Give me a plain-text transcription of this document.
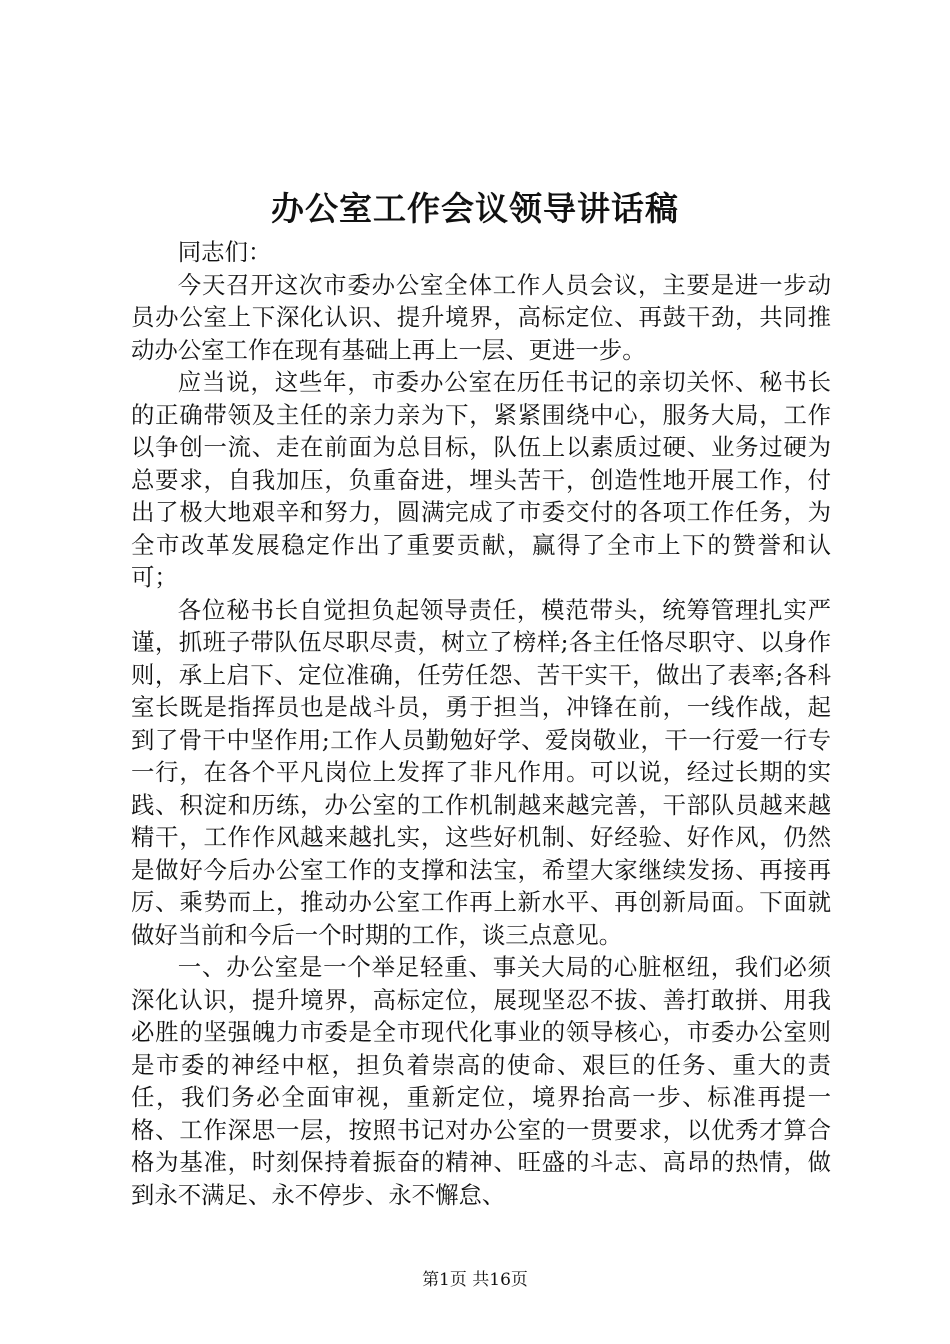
办公室工作会议领导讲话稿

同志们：

今天召开这次市委办公室全体工作人员会议，主要是进一步动员办公室上下深化认识、提升境界，高标定位、再鼓干劲，共同推动办公室工作在现有基础上再上一层、更进一步。

应当说，这些年，市委办公室在历任书记的亲切关怀、秘书长的正确带领及主任的亲力亲为下，紧紧围绕中心，服务大局，工作以争创一流、走在前面为总目标，队伍上以素质过硬、业务过硬为总要求，自我加压，负重奋进，埋头苦干，创造性地开展工作，付出了极大地艰辛和努力，圆满完成了市委交付的各项工作任务，为全市改革发展稳定作出了重要贡献，赢得了全市上下的赞誉和认可；

各位秘书长自觉担负起领导责任，模范带头，统筹管理扎实严谨，抓班子带队伍尽职尽责，树立了榜样;各主任恪尽职守、以身作则，承上启下、定位准确，任劳任怨、苦干实干，做出了表率;各科室长既是指挥员也是战斗员，勇于担当，冲锋在前，一线作战，起到了骨干中坚作用;工作人员勤勉好学、爱岗敬业，干一行爱一行专一行，在各个平凡岗位上发挥了非凡作用。可以说，经过长期的实践、积淀和历练，办公室的工作机制越来越完善，干部队员越来越精干，工作作风越来越扎实，这些好机制、好经验、好作风，仍然是做好今后办公室工作的支撑和法宝，希望大家继续发扬、再接再厉、乘势而上，推动办公室工作再上新水平、再创新局面。下面就做好当前和今后一个时期的工作，谈三点意见。

一、办公室是一个举足轻重、事关大局的心脏枢纽，我们必须深化认识，提升境界，高标定位，展现坚忍不拔、善打敢拼、用我必胜的坚强魄力市委是全市现代化事业的领导核心，市委办公室则是市委的神经中枢，担负着崇高的使命、艰巨的任务、重大的责任，我们务必全面审视，重新定位，境界抬高一步、标准再提一格、工作深思一层，按照书记对办公室的一贯要求，以优秀才算合格为基准，时刻保持着振奋的精神、旺盛的斗志、高昂的热情，做到永不满足、永不停步、永不懈怠、

第1页 共16页
